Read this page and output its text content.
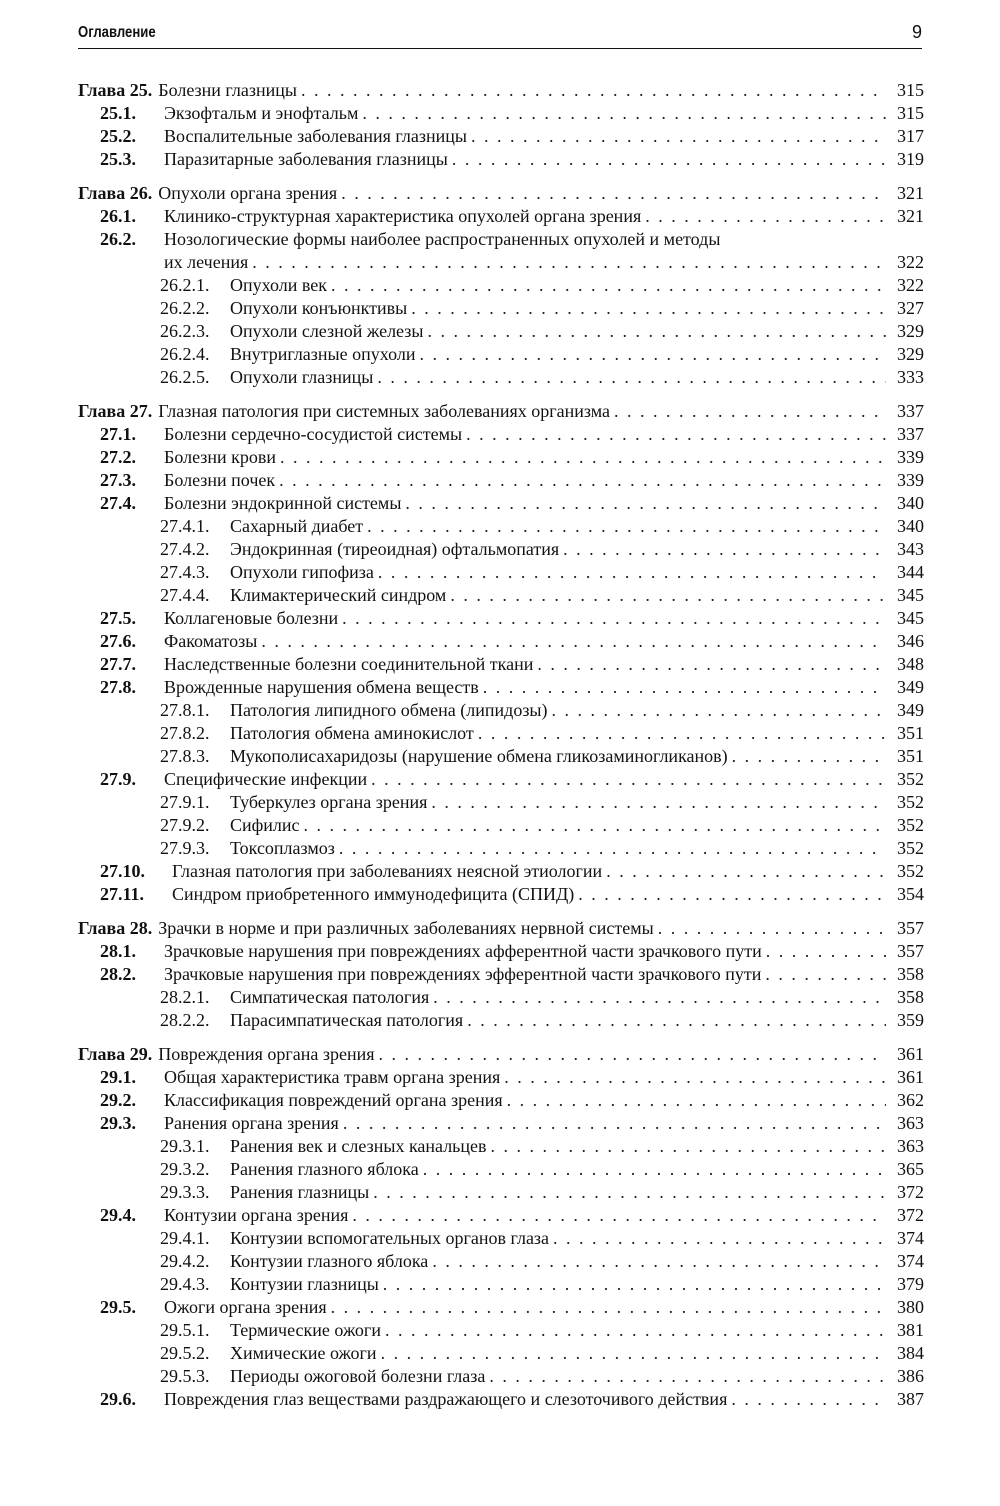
Оглавление	9
Глава 25. Болезни глазницы . . .	315
25.1.	Экзофтальм и энофтальм . . .	315
25.2.	Воспалительные заболевания глазницы . . .	317
25.3.	Паразитарные заболевания глазницы . . .	319
Глава 26. Опухоли органа зрения . . .	321
26.1.	Клинико-структурная характеристика опухолей органа зрения . . .	321
26.2.	Нозологические формы наиболее распространенных опухолей и методы
их лечения . . .	322
26.2.1.	Опухоли век . . .	322
26.2.2.	Опухоли конъюнктивы . . .	327
26.2.3.	Опухоли слезной железы . . .	329
26.2.4.	Внутриглазные опухоли . . .	329
26.2.5.	Опухоли глазницы . . .	333
Глава 27. Глазная патология при системных заболеваниях организма . . .	337
27.1.	Болезни сердечно-сосудистой системы . . .	337
27.2.	Болезни крови . . .	339
27.3.	Болезни почек . . .	339
27.4.	Болезни эндокринной системы . . .	340
27.4.1.	Сахарный диабет . . .	340
27.4.2.	Эндокринная (тиреоидная) офтальмопатия . . .	343
27.4.3.	Опухоли гипофиза . . .	344
27.4.4.	Климактерический синдром . . .	345
27.5.	Коллагеновые болезни . . .	345
27.6.	Факоматозы . . .	346
27.7.	Наследственные болезни соединительной ткани . . .	348
27.8.	Врожденные нарушения обмена веществ . . .	349
27.8.1.	Патология липидного обмена (липидозы) . . .	349
27.8.2.	Патология обмена аминокислот . . .	351
27.8.3.	Мукополисахаридозы (нарушение обмена гликозаминогликанов) . . .	351
27.9.	Специфические инфекции . . .	352
27.9.1.	Туберкулез органа зрения . . .	352
27.9.2.	Сифилис . . .	352
27.9.3.	Токсоплазмоз . . .	352
27.10.	Глазная патология при заболеваниях неясной этиологии . . .	352
27.11.	Синдром приобретенного иммунодефицита (СПИД) . . .	354
Глава 28. Зрачки в норме и при различных заболеваниях нервной системы . . .	357
28.1.	Зрачковые нарушения при повреждениях афферентной части зрачкового пути . . .	357
28.2.	Зрачковые нарушения при повреждениях эфферентной части зрачкового пути . . .	358
28.2.1.	Симпатическая патология . . .	358
28.2.2.	Парасимпатическая патология . . .	359
Глава 29. Повреждения органа зрения . . .	361
29.1.	Общая характеристика травм органа зрения . . .	361
29.2.	Классификация повреждений органа зрения . . .	362
29.3.	Ранения органа зрения . . .	363
29.3.1.	Ранения век и слезных канальцев . . .	363
29.3.2.	Ранения глазного яблока . . .	365
29.3.3.	Ранения глазницы . . .	372
29.4.	Контузии органа зрения . . .	372
29.4.1.	Контузии вспомогательных органов глаза . . .	374
29.4.2.	Контузии глазного яблока . . .	374
29.4.3.	Контузии глазницы . . .	379
29.5.	Ожоги органа зрения . . .	380
29.5.1.	Термические ожоги . . .	381
29.5.2.	Химические ожоги . . .	384
29.5.3.	Периоды ожоговой болезни глаза . . .	386
29.6.	Повреждения глаз веществами раздражающего и слезоточивого действия . . .	387
